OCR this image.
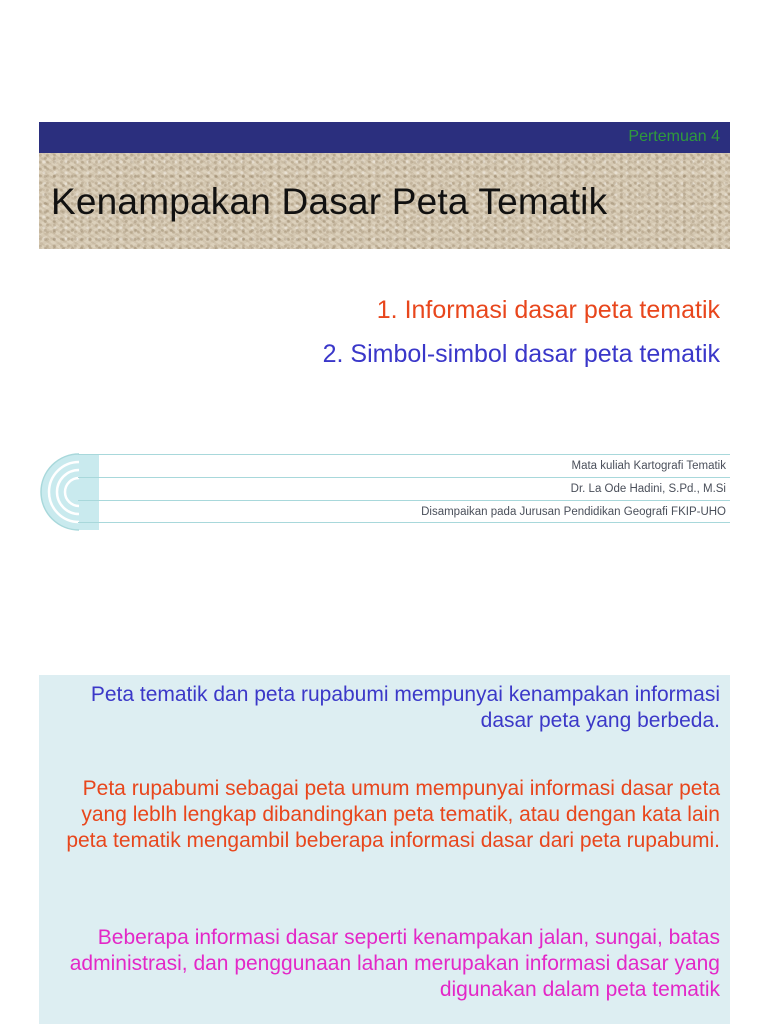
Pertemuan 4
Kenampakan Dasar Peta Tematik

1. Informasi dasar peta tematik

2. Simbol-simbol dasar peta tematik

Mata kuliah Kartografi Tematik
Dr. La Ode Hadini, S.Pd., M.Si
Disampaikan pada Jurusan Pendidikan Geografi FKIP-UHO

Peta tematik dan peta rupabumi mempunyai kenampakan informasi dasar peta yang berbeda.

Peta rupabumi sebagai peta umum mempunyai informasi dasar peta yang leblh lengkap dibandingkan peta tematik, atau dengan kata lain peta tematik mengambil beberapa informasi dasar dari peta rupabumi.

Beberapa informasi dasar seperti kenampakan jalan, sungai, batas administrasi, dan penggunaan lahan merupakan informasi dasar yang digunakan dalam peta tematik
